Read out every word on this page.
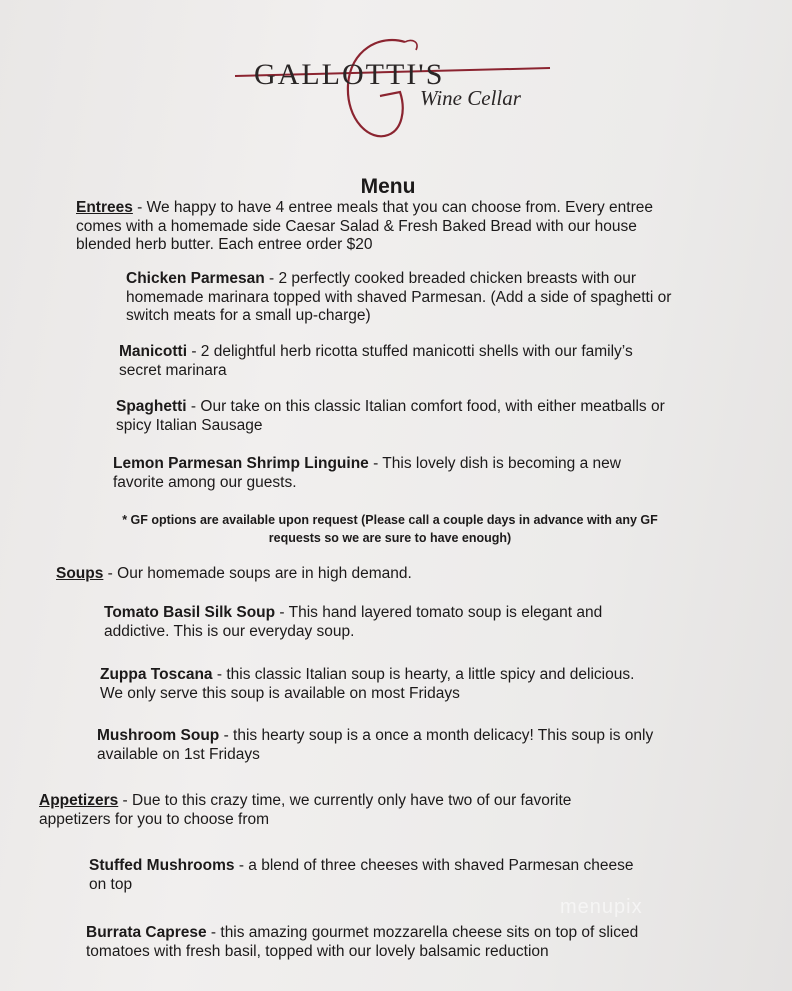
GALLOTTI'S
Wine Cellar
Menu
Entrees - We happy to have 4 entree meals that you can choose from. Every entree
comes with a homemade side Caesar Salad & Fresh Baked Bread with our house
blended herb butter. Each entree order $20
Chicken Parmesan - 2 perfectly cooked breaded chicken breasts with our
homemade marinara topped with shaved Parmesan. (Add a side of spaghetti or
switch meats for a small up-charge)
Manicotti - 2 delightful herb ricotta stuffed manicotti shells with our family’s
secret marinara
Spaghetti - Our take on this classic Italian comfort food, with either meatballs or
spicy Italian Sausage
Lemon Parmesan Shrimp Linguine - This lovely dish is becoming a new
favorite among our guests.
* GF options are available upon request (Please call a couple days in advance with any GF
requests so we are sure to have enough)
Soups - Our homemade soups are in high demand.
Tomato Basil Silk Soup - This hand layered tomato soup is elegant and
addictive. This is our everyday soup.
Zuppa Toscana - this classic Italian soup is hearty, a little spicy and delicious.
We only serve this soup is available on most Fridays
Mushroom Soup - this hearty soup is a once a month delicacy! This soup is only
available on 1st Fridays
Appetizers - Due to this crazy time, we currently only have two of our favorite
appetizers for you to choose from
Stuffed Mushrooms - a blend of three cheeses with shaved Parmesan cheese
on top
Burrata Caprese - this amazing gourmet mozzarella cheese sits on top of sliced
tomatoes with fresh basil, topped with our lovely balsamic reduction
menupix
